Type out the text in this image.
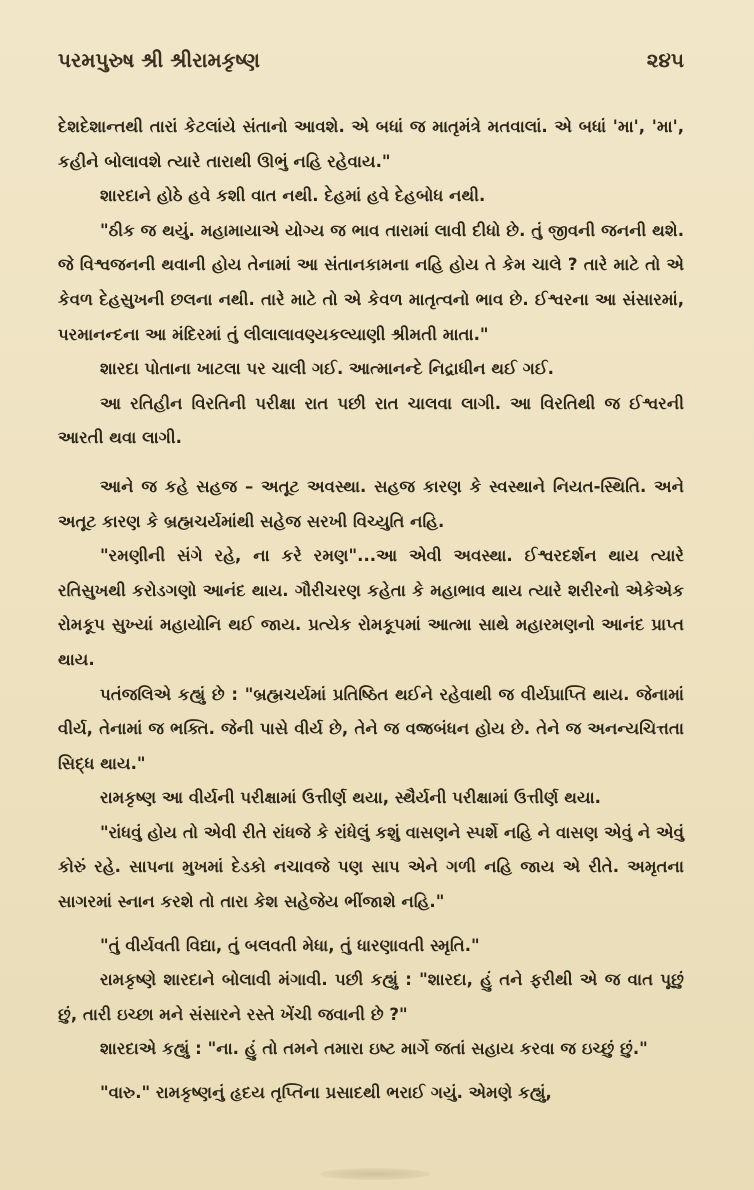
પરમપુરુષ શ્રી શ્રીરામકૃષ્ણ	૨૪૫

દેશદેશાન્તથી તારાં કેટલાંયે સંતાનો આવશે. એ બધાં જ માતૃમંત્રે મતવાલાં. એ બધાં 'મા', 'મા', કહીને બોલાવશે ત્યારે તારાથી ઊભું નહિ રહેવાય."

શારદાને હોઠે હવે કશી વાત નથી. દેહમાં હવે દેહબોધ નથી.

"ઠીક જ થયું. મહામાયાએ યોગ્ય જ ભાવ તારામાં લાવી દીધો છે. તું જીવની જનની થશે. જે વિશ્વજનની થવાની હોય તેનામાં આ સંતાનકામના નહિ હોય તે કેમ ચાલે ? તારે માટે તો એ કેવળ દેહસુખની છલના નથી. તારે માટે તો એ કેવળ માતૃત્વનો ભાવ છે. ઈશ્વરના આ સંસારમાં, પરમાનન્દના આ મંદિરમાં તું લીલાલાવણ્યકલ્યાણી શ્રીમતી માતા."

શારદા પોતાના ખાટલા પર ચાલી ગઈ. આત્માનન્દે નિદ્રાધીન થઈ ગઈ.

આ રતિહીન વિરતિની પરીક્ષા રાત પછી રાત ચાલવા લાગી. આ વિરતિથી જ ઈશ્વરની આરતી થવા લાગી.

આને જ કહે સહજ – અતૂટ અવસ્થા. સહજ કારણ કે સ્વસ્થાને નિયત-સ્થિતિ. અને અતૂટ કારણ કે બ્રહ્મચર્યમાંથી સહેજ સરખી વિચ્યુતિ નહિ.

"રમણીની સંગે રહે, ના કરે રમણ"...આ એવી અવસ્થા. ઈશ્વરદર્શન થાય ત્યારે રતિસુખથી કરોડગણો આનંદ થાય. ગૌરીચરણ કહેતા કે મહાભાવ થાય ત્યારે શરીરનો એકેએક રોમકૂપ સુખ્યાં મહાયોનિ થઈ જાય. પ્રત્યેક રોમકૂપમાં આત્મા સાથે મહારમણનો આનંદ પ્રાપ્ત થાય.

પતંજલિએ કહ્યું છે : "બ્રહ્મચર્યમાં પ્રતિષ્ઠિત થઈને રહેવાથી જ વીર્યપ્રાપ્તિ થાય. જેનામાં વીર્ય, તેનામાં જ ભક્તિ. જેની પાસે વીર્ય છે, તેને જ વજ્રબંધન હોય છે. તેને જ અનન્યચિત્તતા સિદ્ધ થાય."

રામકૃષ્ણ આ વીર્યની પરીક્ષામાં ઉત્તીર્ણ થયા, સ્થૈર્યની પરીક્ષામાં ઉત્તીર્ણ થયા.

"રાંધવું હોય તો એવી રીતે રાંધજે કે રાંધેલું કશું વાસણને સ્પર્શે નહિ ને વાસણ એવું ને એવું કોરું રહે. સાપના મુખમાં દેડકો નચાવજે પણ સાપ એને ગળી નહિ જાય એ રીતે. અમૃતના સાગરમાં સ્નાન કરશે તો તારા કેશ સહેજેય ભીંજાશે નહિ."

"તું વીર્યવતી વિદ્યા, તું બલવતી મેધા, તું ધારણાવતી સ્મૃતિ."

રામકૃષ્ણે શારદાને બોલાવી મંગાવી. પછી કહ્યું : "શારદા, હું તને ફરીથી એ જ વાત પૂછું છું, તારી ઇચ્છા મને સંસારને રસ્તે ખેંચી જવાની છે ?"

શારદાએ કહ્યું : "ના. હું તો તમને તમારા ઇષ્ટ માર્ગે જતાં સહાય કરવા જ ઇચ્છું છું."

"વારુ." રામકૃષ્ણનું હૃદય તૃપ્તિના પ્રસાદથી ભરાઈ ગયું. એમણે કહ્યું,
